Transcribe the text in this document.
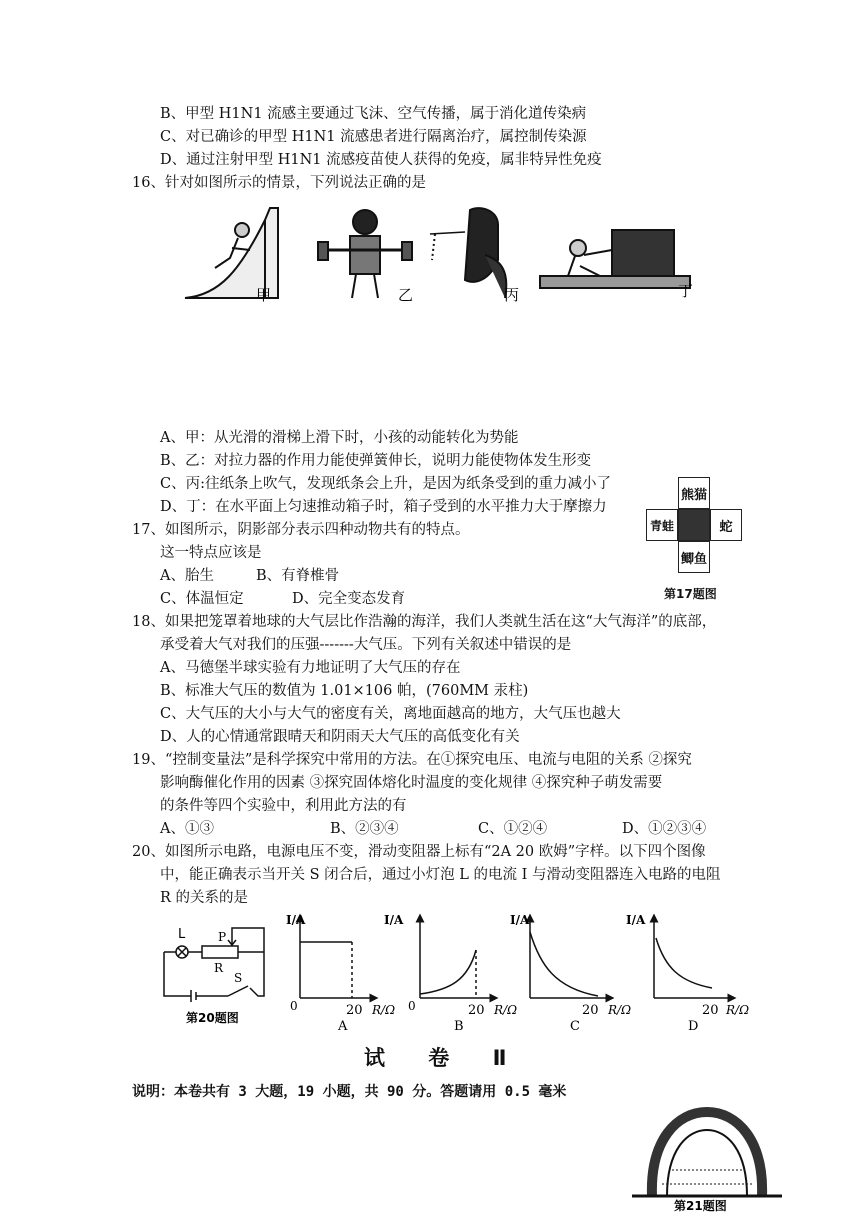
B、甲型 H1N1 流感主要通过飞沫、空气传播，属于消化道传染病
C、对已确诊的甲型 H1N1 流感患者进行隔离治疗，属控制传染源
D、通过注射甲型 H1N1 流感疫苗使人获得的免疫，属非特异性免疫
16、针对如图所示的情景，下列说法正确的是
甲	乙	丙	丁
A、甲：从光滑的滑梯上滑下时，小孩的动能转化为势能
B、乙：对拉力器的作用力能使弹簧伸长，说明力能使物体发生形变
C、丙:往纸条上吹气，发现纸条会上升，是因为纸条受到的重力减小了
D、丁：在水平面上匀速推动箱子时，箱子受到的水平推力大于摩擦力
17、如图所示，阴影部分表示四种动物共有的特点。
这一特点应该是
A、胎生	B、有脊椎骨
C、体温恒定	D、完全变态发育
熊猫
青蛙	蛇
鲫鱼
第17题图
18、如果把笼罩着地球的大气层比作浩瀚的海洋，我们人类就生活在这“大气海洋”的底部，
承受着大气对我们的压强-------大气压。下列有关叙述中错误的是
A、马德堡半球实验有力地证明了大气压的存在
B、标准大气压的数值为 1.01×106 帕，(760MM 汞柱)
C、大气压的大小与大气的密度有关，离地面越高的地方，大气压也越大
D、人的心情通常跟晴天和阴雨天大气压的高低变化有关
19、“控制变量法”是科学探究中常用的方法。在①探究电压、电流与电阻的关系 ②探究
影响酶催化作用的因素 ③探究固体熔化时温度的变化规律 ④探究种子萌发需要
的条件等四个实验中，利用此方法的有
A、①③	B、②③④	C、①②④	D、①②③④
20、如图所示电路，电源电压不变，滑动变阻器上标有“2A 20 欧姆”字样。以下四个图像
中，能正确表示当开关 S 闭合后，通过小灯泡 L 的电流 I 与滑动变阻器连入电路的电阻
R 的关系的是
L	P
R
S
第20题图
I/A
0	20 R/Ω
A
I/A
0	20 R/Ω
B
I/A
20 R/Ω
C
I/A
20 R/Ω
D
试 卷 Ⅱ
说明：本卷共有 3 大题，19 小题，共 90 分。答题请用 0.5 毫米
第21题图
